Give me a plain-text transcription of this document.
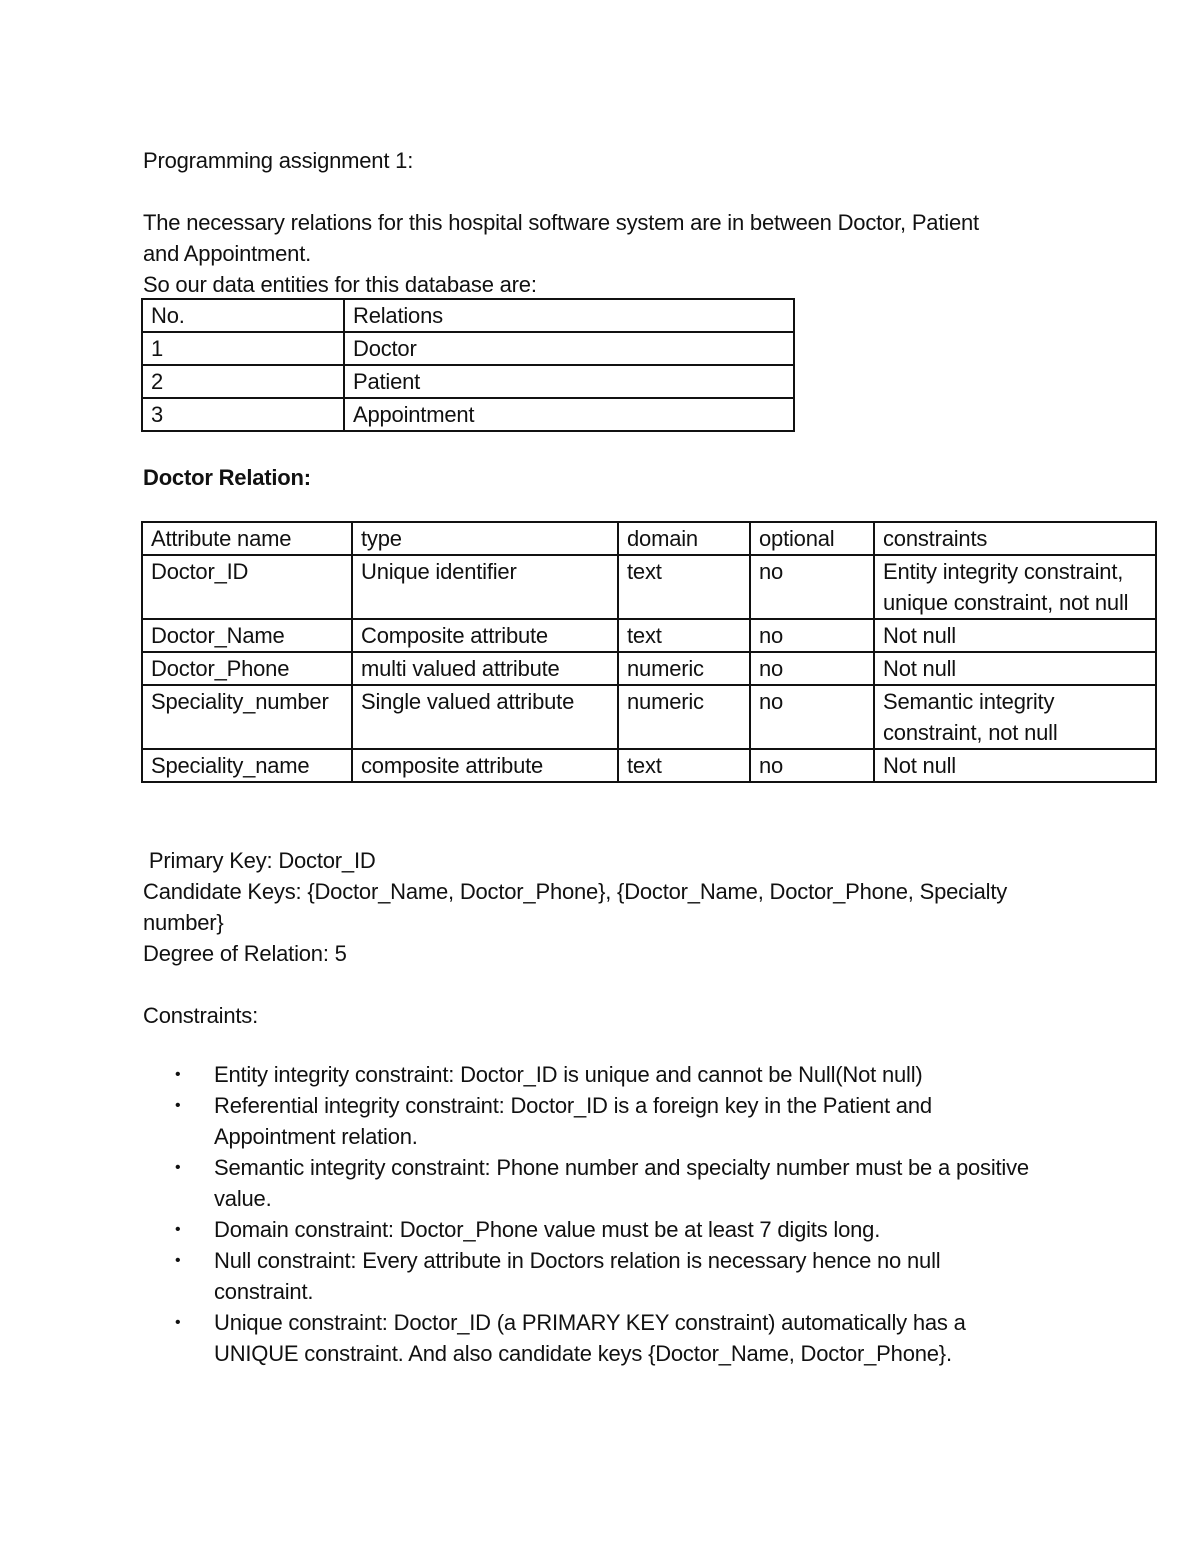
Programming assignment 1:
The necessary relations for this hospital software system are in between Doctor, Patient
and Appointment.
So our data entities for this database are:
No.	Relations
1	Doctor
2	Patient
3	Appointment
Doctor Relation:
Attribute name	type	domain	optional	constraints
Doctor_ID	Unique identifier	text	no	Entity integrity constraint, unique constraint, not null
Doctor_Name	Composite attribute	text	no	Not null
Doctor_Phone	multi valued attribute	numeric	no	Not null
Speciality_number	Single valued attribute	numeric	no	Semantic integrity constraint, not null
Speciality_name	composite attribute	text	no	Not null
Primary Key: Doctor_ID
Candidate Keys: {Doctor_Name, Doctor_Phone}, {Doctor_Name, Doctor_Phone, Specialty
number}
Degree of Relation: 5
Constraints:
• Entity integrity constraint: Doctor_ID is unique and cannot be Null(Not null)
• Referential integrity constraint: Doctor_ID is a foreign key in the Patient and Appointment relation.
• Semantic integrity constraint: Phone number and specialty number must be a positive value.
• Domain constraint: Doctor_Phone value must be at least 7 digits long.
• Null constraint: Every attribute in Doctors relation is necessary hence no null constraint.
• Unique constraint: Doctor_ID (a PRIMARY KEY constraint) automatically has a UNIQUE constraint. And also candidate keys {Doctor_Name, Doctor_Phone}.
